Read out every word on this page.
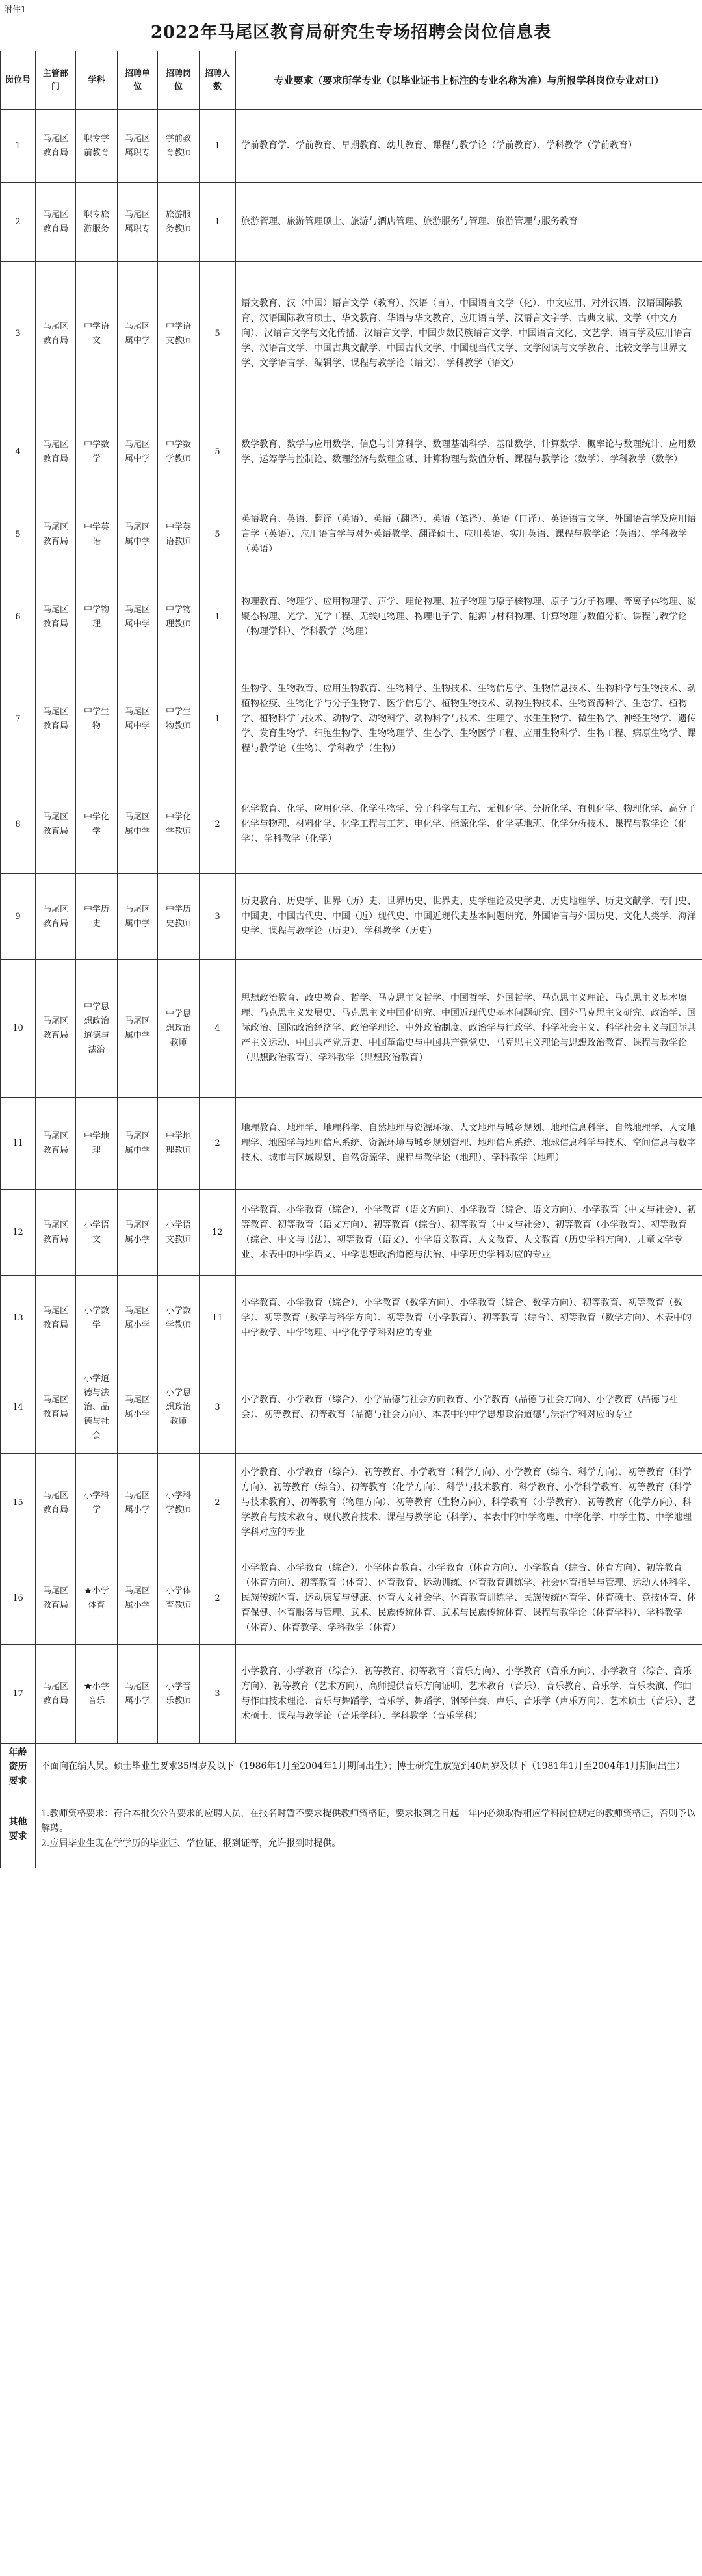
附件1
2022年马尾区教育局研究生专场招聘会岗位信息表
岗位号	主管部门	学科	招聘单位	招聘岗位	招聘人数	专业要求（要求所学专业（以毕业证书上标注的专业名称为准）与所报学科岗位专业对口）
1	马尾区教育局	职专学前教育	马尾区属职专	学前教育教师	1	学前教育学、学前教育、早期教育、幼儿教育、课程与教学论（学前教育）、学科教学（学前教育）
2	马尾区教育局	职专旅游服务	马尾区属职专	旅游服务教师	1	旅游管理、旅游管理硕士、旅游与酒店管理、旅游服务与管理、旅游管理与服务教育
3	马尾区教育局	中学语文	马尾区属中学	中学语文教师	5	语文教育、汉（中国）语言文学（教育）、汉语（言）、中国语言文学（化）、中文应用、对外汉语、汉语国际教育、汉语国际教育硕士、华文教育、华语与华文教育、应用语言学、汉语言文字学、古典文献、文学（中文方向）、汉语言文学与文化传播、汉语言文学、中国少数民族语言文学、中国语言文化、文艺学、语言学及应用语言学、汉语言文学、中国古典文献学、中国古代文学、中国现当代文学、文学阅读与文学教育、比较文学与世界文学、文学语言学、编辑学、课程与教学论（语文）、学科教学（语文）
4	马尾区教育局	中学数学	马尾区属中学	中学数学教师	5	数学教育、数学与应用数学、信息与计算科学、数理基础科学、基础数学、计算数学、概率论与数理统计、应用数学、运筹学与控制论、数理经济与数理金融、计算物理与数值分析、课程与教学论（数学）、学科教学（数学）
5	马尾区教育局	中学英语	马尾区属中学	中学英语教师	5	英语教育、英语、翻译（英语）、英语（翻译）、英语（笔译）、英语（口译）、英语语言文学、外国语言学及应用语言学（英语）、应用语言学与对外英语教学、翻译硕士、应用英语、实用英语、课程与教学论（英语）、学科教学（英语）
6	马尾区教育局	中学物理	马尾区属中学	中学物理教师	1	物理教育、物理学、应用物理学、声学、理论物理、粒子物理与原子核物理、原子与分子物理、等离子体物理、凝聚态物理、光学、光学工程、无线电物理、物理电子学、能源与材料物理、计算物理与数值分析、课程与教学论（物理学科）、学科教学（物理）
7	马尾区教育局	中学生物	马尾区属中学	中学生物教师	1	生物学、生物教育、应用生物教育、生物科学、生物技术、生物信息学、生物信息技术、生物科学与生物技术、动植物检疫、生物化学与分子生物学、医学信息学、植物生物技术、动物生物技术、生物资源科学、生态学、植物学、植物科学与技术、动物学、动物科学、动物科学与技术、生理学、水生生物学、微生物学、神经生物学、遗传学、发育生物学、细胞生物学、生物物理学、生态学、生物医学工程、应用生物科学、生物工程、病原生物学、课程与教学论（生物）、学科教学（生物）
8	马尾区教育局	中学化学	马尾区属中学	中学化学教师	2	化学教育、化学、应用化学、化学生物学、分子科学与工程、无机化学、分析化学、有机化学、物理化学、高分子化学与物理、材料化学、化学工程与工艺、电化学、能源化学、化学基地班、化学分析技术、课程与教学论（化学）、学科教学（化学）
9	马尾区教育局	中学历史	马尾区属中学	中学历史教师	3	历史教育、历史学、世界（历）史、世界历史、世界史、史学理论及史学史、历史地理学、历史文献学、专门史、中国史、中国古代史、中国（近）现代史、中国近现代史基本问题研究、外国语言与外国历史、文化人类学、海洋史学、课程与教学论（历史）、学科教学（历史）
10	马尾区教育局	中学思想政治道德与法治	马尾区属中学	中学思想政治教师	4	思想政治教育、政史教育、哲学、马克思主义哲学、中国哲学、外国哲学、马克思主义理论、马克思主义基本原理、马克思主义发展史、马克思主义中国化研究、中国近现代史基本问题研究、国外马克思主义研究、政治学、国际政治、国际政治经济学、政治学理论、中外政治制度、政治学与行政学、科学社会主义、科学社会主义与国际共产主义运动、中国共产党历史、中国革命史与中国共产党党史、马克思主义理论与思想政治教育、课程与教学论（思想政治教育）、学科教学（思想政治教育）
11	马尾区教育局	中学地理	马尾区属中学	中学地理教师	2	地理教育、地理学、地理科学、自然地理与资源环境、人文地理与城乡规划、地理信息科学、自然地理学、人文地理学、地图学与地理信息系统、资源环境与城乡规划管理、地理信息系统、地球信息科学与技术、空间信息与数字技术、城市与区域规划、自然资源学、课程与教学论（地理）、学科教学（地理）
12	马尾区教育局	小学语文	马尾区属小学	小学语文教师	12	小学教育、小学教育（综合）、小学教育（语文方向）、小学教育（综合、语文方向）、小学教育（中文与社会）、初等教育、初等教育（语文方向）、初等教育（综合）、初等教育（中文与社会）、初等教育（小学教育）、初等教育（综合、中文与书法）、初等教育（语文）、小学语文教育、人文教育、人文教育（历史学科方向）、儿童文学专业、本表中的中学语文、中学思想政治道德与法治、中学历史学科对应的专业
13	马尾区教育局	小学数学	马尾区属小学	小学数学教师	11	小学教育、小学教育（综合）、小学教育（数学方向）、小学教育（综合、数学方向）、初等教育、初等教育（数学）、初等教育（数学与科学方向）、初等教育（小学教育）、初等教育（综合）、初等教育（数学方向）、本表中的中学数学、中学物理、中学化学学科对应的专业
14	马尾区教育局	小学道德与法治、品德与社会	马尾区属小学	小学思想政治教师	3	小学教育、小学教育（综合）、小学品德与社会方向教育、小学教育（品德与社会方向）、小学教育（品德与社会）、初等教育、初等教育（品德与社会方向）、本表中的中学思想政治道德与法治学科对应的专业
15	马尾区教育局	小学科学	马尾区属小学	小学科学教师	2	小学教育、小学教育（综合）、初等教育、小学教育（科学方向）、小学教育（综合、科学方向）、初等教育（科学方向）、初等教育（综合）、初等教育（化学方向）、科学与技术教育、科学教育、小学科学教育、初等教育（科学与技术教育）、初等教育（物理方向）、初等教育（生物方向）、科学教育（小学教育）、初等教育（化学方向）、科学教育与技术教育、现代教育技术、课程与教学论（科学）、本表中的中学物理、中学化学、中学生物、中学地理学科对应的专业
16	马尾区教育局	★小学体育	马尾区属小学	小学体育教师	2	小学教育、小学教育（综合）、小学体育教育、小学教育（体育方向）、小学教育（综合、体育方向）、初等教育（体育方向）、初等教育（体育）、体育教育、运动训练、体育教育训练学、社会体育指导与管理、运动人体科学、民族传统体育、运动康复与健康、体育人文社会学、体育教育训练学、民族传统体育学、体育硕士、竞技体育、体育保健、体育服务与管理、武术、民族传统体育、武术与民族传统体育、课程与教学论（体育学科）、学科教学（体育）、体育教学、学科教学（体育）
17	马尾区教育局	★小学音乐	马尾区属小学	小学音乐教师	3	小学教育、小学教育（综合）、初等教育、初等教育（音乐方向）、小学教育（音乐方向）、小学教育（综合、音乐方向）、初等教育（艺术方向）、高师提供音乐方向证明、艺术教育（音乐）、音乐教育、音乐学、音乐表演、作曲与作曲技术理论、音乐与舞蹈学、音乐学、舞蹈学、钢琴伴奏、声乐、音乐学（声乐方向）、艺术硕士（音乐）、艺术硕士、课程与教学论（音乐学科）、学科教学（音乐学科）
年龄资历要求	不面向在编人员。硕士毕业生要求35周岁及以下（1986年1月至2004年1月期间出生）；博士研究生放宽到40周岁及以下（1981年1月至2004年1月期间出生）					
其他要求	1.教师资格要求：符合本批次公告要求的应聘人员，在报名时暂不要求提供教师资格证，要求报到之日起一年内必须取得相应学科岗位规定的教师资格证，否则予以解聘。
2.应届毕业生现在学学历的毕业证、学位证、报到证等，允许报到时提供。					
